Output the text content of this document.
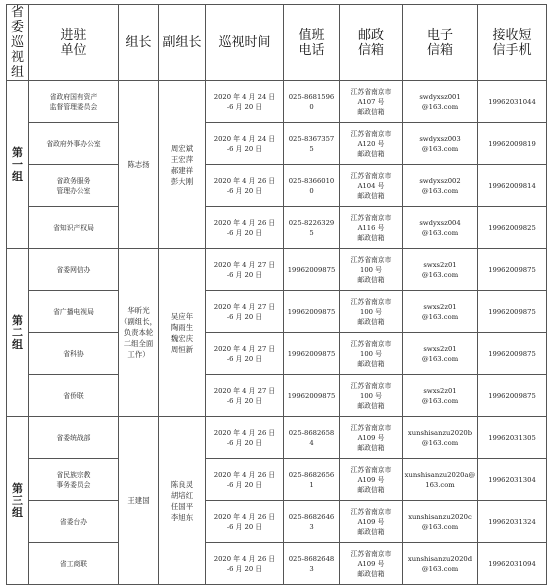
省委巡视组	进驻
单位	组长	副组长	巡视时间	值班
电话	邮政
信箱	电子
信箱	接收短
信手机
第一组	省政府国有资产
监督管理委员会	陈志扬	周宏斌
王宏萍
郝建祥
彭大刚	2020 年 4 月 24 日
-6 月 20 日	025-8681596
0	江苏省南京市
A107 号
邮政信箱	swdyxsz001
@163.com	19962031044
	省政府外事办公室			2020 年 4 月 24 日
-6 月 20 日	025-8367357
5	江苏省南京市
A120 号
邮政信箱	swdyxsz003
@163.com	19962009819
	省政务服务
管理办公室			2020 年 4 月 26 日
-6 月 20 日	025-8366010
0	江苏省南京市
A104 号
邮政信箱	swdyxsz002
@163.com	19962009814
	省知识产权局			2020 年 4 月 26 日
-6 月 20 日	025-8226329
5	江苏省南京市
A116 号
邮政信箱	swdyxsz004
@163.com	19962009825
第二组	省委网信办	华昕光
（副组长，
负责本轮
二组全面
工作）	吴应年
陶雨生
魏宏庆
周恒新	2020 年 4 月 27 日
-6 月 20 日	19962009875	江苏省南京市
100 号
邮政信箱	swxs2z01
@163.com	19962009875
	省广播电视局			2020 年 4 月 27 日
-6 月 20 日	19962009875	江苏省南京市
100 号
邮政信箱	swxs2z01
@163.com	19962009875
	省科协			2020 年 4 月 27 日
-6 月 20 日	19962009875	江苏省南京市
100 号
邮政信箱	swxs2z01
@163.com	19962009875
	省侨联			2020 年 4 月 27 日
-6 月 20 日	19962009875	江苏省南京市
100 号
邮政信箱	swxs2z01
@163.com	19962009875
第三组	省委统战部	王建国	陈良灵
胡培红
任国平
李旭东	2020 年 4 月 26 日
-6 月 20 日	025-8682658
4	江苏省南京市
A109 号
邮政信箱	xunshisanzu2020b
@163.com	19962031305
	省民族宗教
事务委员会			2020 年 4 月 26 日
-6 月 20 日	025-8682656
1	江苏省南京市
A109 号
邮政信箱	xunshisanzu2020a@
163.com	19962031304
	省委台办			2020 年 4 月 26 日
-6 月 20 日	025-8682646
3	江苏省南京市
A109 号
邮政信箱	xunshisanzu2020c
@163.com	19962031324
	省工商联			2020 年 4 月 26 日
-6 月 20 日	025-8682648
3	江苏省南京市
A109 号
邮政信箱	xunshisanzu2020d
@163.com	19962031094
